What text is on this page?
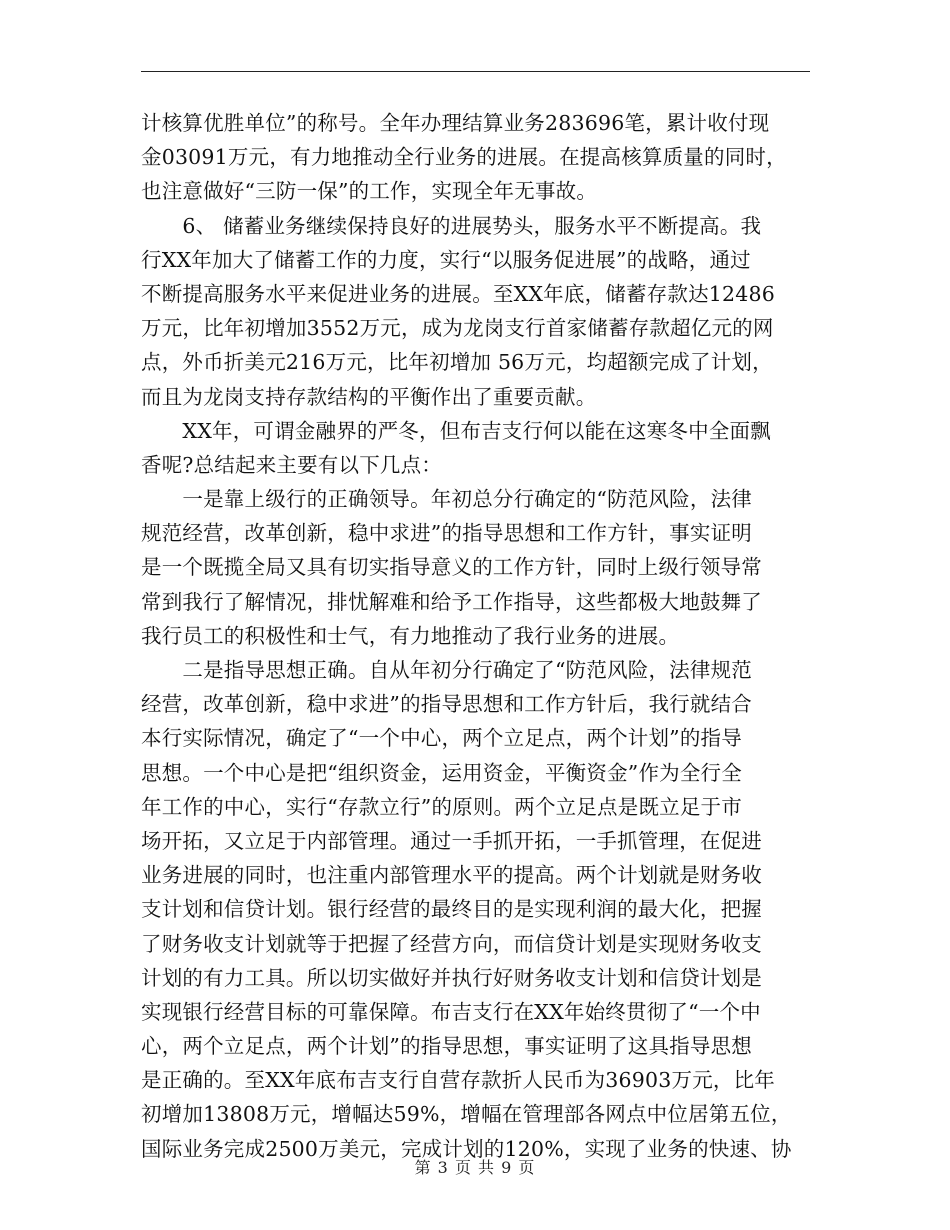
计核算优胜单位”的称号。全年办理结算业务283696笔，累计收付现
金03091万元，有力地推动全行业务的进展。在提高核算质量的同时，
也注意做好“三防一保”的工作，实现全年无事故。
　　6、 储蓄业务继续保持良好的进展势头，服务水平不断提高。我
行XX年加大了储蓄工作的力度，实行“以服务促进展”的战略，通过
不断提高服务水平来促进业务的进展。至XX年底，储蓄存款达12486
万元，比年初增加3552万元，成为龙岗支行首家储蓄存款超亿元的网
点，外币折美元216万元，比年初增加 56万元，均超额完成了计划，
而且为龙岗支持存款结构的平衡作出了重要贡献。
　　XX年，可谓金融界的严冬，但布吉支行何以能在这寒冬中全面飘
香呢?总结起来主要有以下几点：
　　一是靠上级行的正确领导。年初总分行确定的“防范风险，法律
规范经营，改革创新，稳中求进”的指导思想和工作方针，事实证明
是一个既揽全局又具有切实指导意义的工作方针，同时上级行领导常
常到我行了解情况，排忧解难和给予工作指导，这些都极大地鼓舞了
我行员工的积极性和士气，有力地推动了我行业务的进展。
　　二是指导思想正确。自从年初分行确定了“防范风险，法律规范
经营，改革创新，稳中求进”的指导思想和工作方针后，我行就结合
本行实际情况，确定了“一个中心，两个立足点，两个计划”的指导
思想。一个中心是把“组织资金，运用资金，平衡资金”作为全行全
年工作的中心，实行“存款立行”的原则。两个立足点是既立足于市
场开拓，又立足于内部管理。通过一手抓开拓，一手抓管理，在促进
业务进展的同时，也注重内部管理水平的提高。两个计划就是财务收
支计划和信贷计划。银行经营的最终目的是实现利润的最大化，把握
了财务收支计划就等于把握了经营方向，而信贷计划是实现财务收支
计划的有力工具。所以切实做好并执行好财务收支计划和信贷计划是
实现银行经营目标的可靠保障。布吉支行在XX年始终贯彻了“一个中
心，两个立足点，两个计划”的指导思想，事实证明了这具指导思想
是正确的。至XX年底布吉支行自营存款折人民币为36903万元，比年
初增加13808万元，增幅达59%，增幅在管理部各网点中位居第五位，
国际业务完成2500万美元，完成计划的120%，实现了业务的快速、协
第 3 页 共 9 页
